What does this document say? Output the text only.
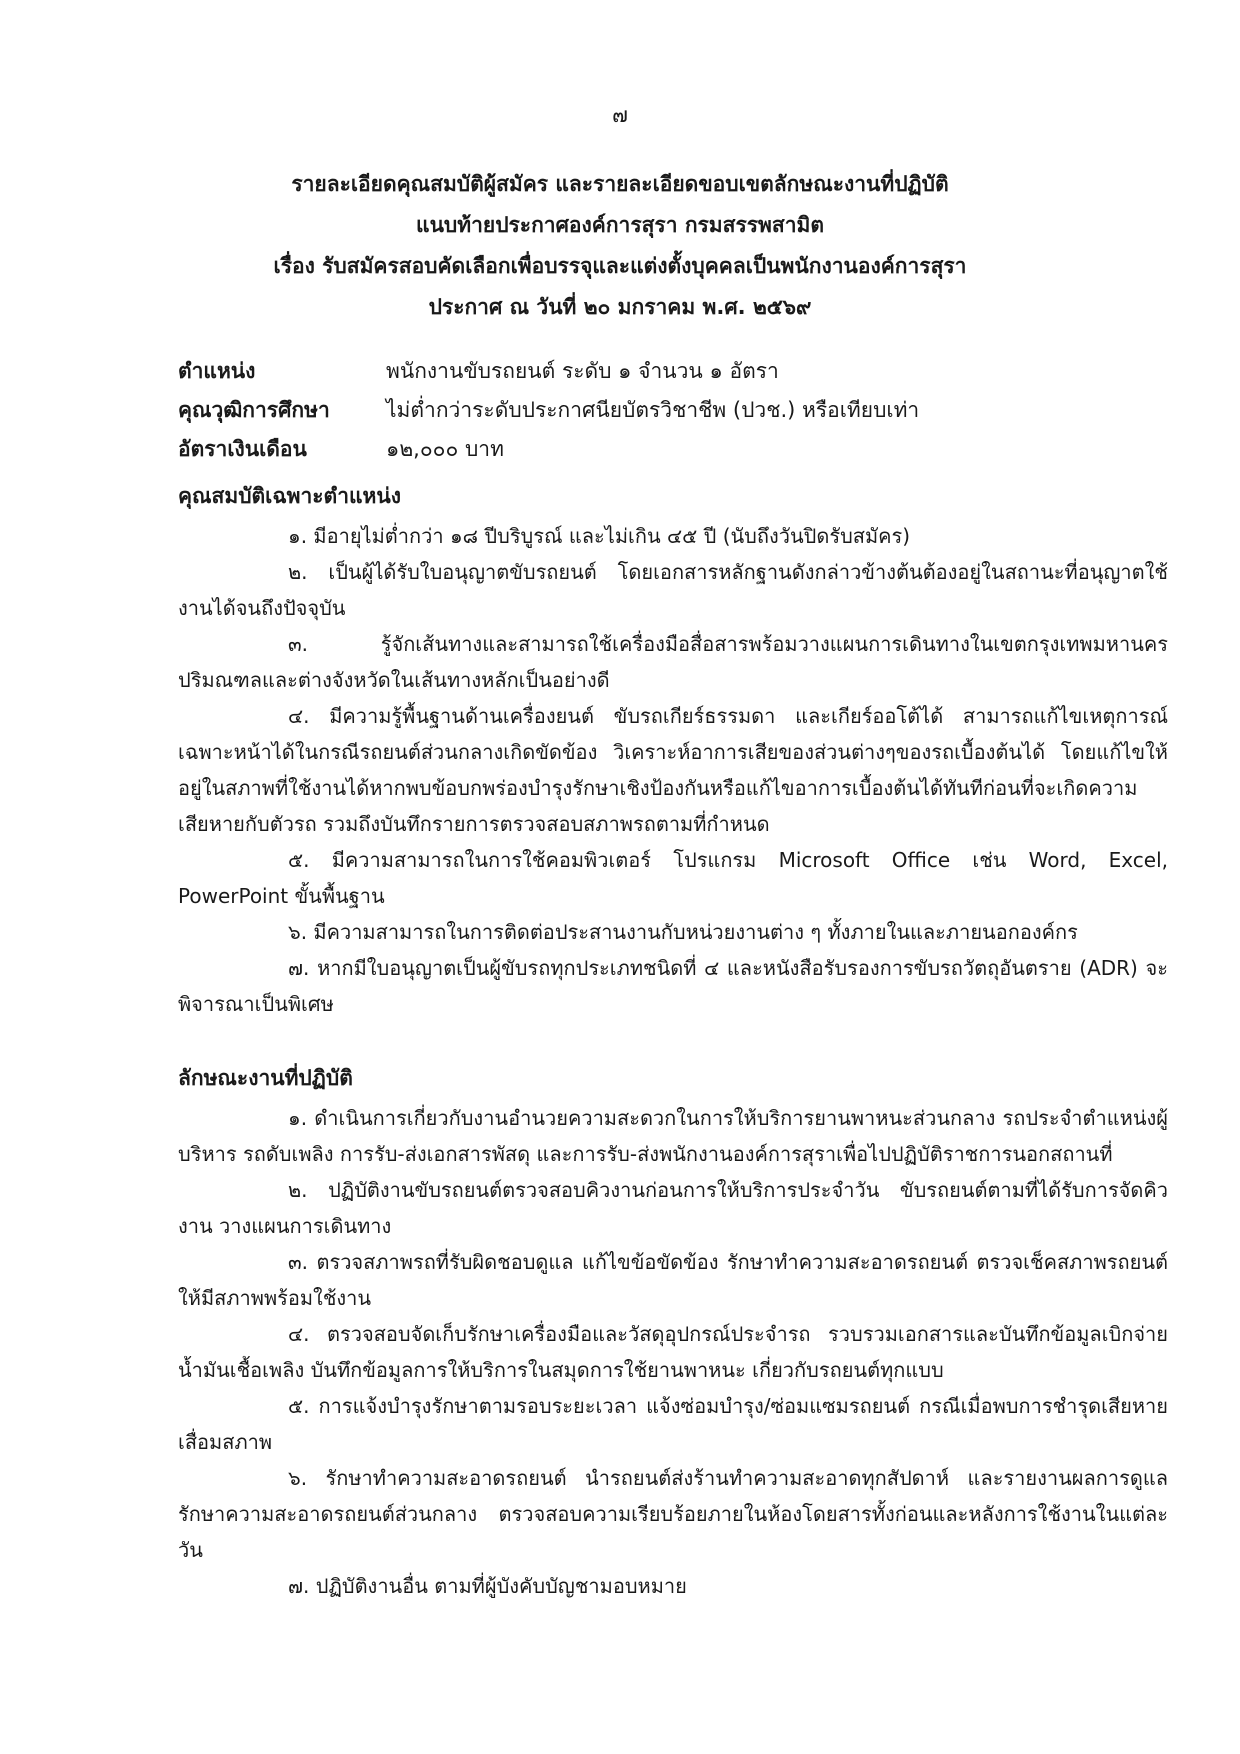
๗
รายละเอียดคุณสมบัติผู้สมัคร และรายละเอียดขอบเขตลักษณะงานที่ปฏิบัติ
แนบท้ายประกาศองค์การสุรา กรมสรรพสามิต
เรื่อง รับสมัครสอบคัดเลือกเพื่อบรรจุและแต่งตั้งบุคคลเป็นพนักงานองค์การสุรา
ประกาศ ณ วันที่ ๒๐ มกราคม พ.ศ. ๒๕๖๙
ตำแหน่ง	พนักงานขับรถยนต์ ระดับ ๑ จำนวน ๑ อัตรา
คุณวุฒิการศึกษา	ไม่ต่ำกว่าระดับประกาศนียบัตรวิชาชีพ (ปวช.) หรือเทียบเท่า
อัตราเงินเดือน	๑๒,๐๐๐ บาท
คุณสมบัติเฉพาะตำแหน่ง

๑. มีอายุไม่ต่ำกว่า ๑๘ ปีบริบูรณ์ และไม่เกิน ๔๕ ปี (นับถึงวันปิดรับสมัคร)

๒. เป็นผู้ได้รับใบอนุญาตขับรถยนต์ โดยเอกสารหลักฐานดังกล่าวข้างต้นต้องอยู่ในสถานะที่อนุญาตใช้งานได้จนถึงปัจจุบัน

๓. รู้จักเส้นทางและสามารถใช้เครื่องมือสื่อสารพร้อมวางแผนการเดินทางในเขตกรุงเทพมหานครปริมณฑลและต่างจังหวัดในเส้นทางหลักเป็นอย่างดี

๔. มีความรู้พื้นฐานด้านเครื่องยนต์ ขับรถเกียร์ธรรมดา และเกียร์ออโต้ได้ สามารถแก้ไขเหตุการณ์เฉพาะหน้าได้ในกรณีรถยนต์ส่วนกลางเกิดขัดข้อง วิเคราะห์อาการเสียของส่วนต่างๆของรถเบื้องต้นได้ โดยแก้ไขให้อยู่ในสภาพที่ใช้งานได้หากพบข้อบกพร่องบำรุงรักษาเชิงป้องกันหรือแก้ไขอาการเบื้องต้นได้ทันทีก่อนที่จะเกิดความเสียหายกับตัวรถ รวมถึงบันทึกรายการตรวจสอบสภาพรถตามที่กำหนด

๕. มีความสามารถในการใช้คอมพิวเตอร์ โปรแกรม Microsoft Office เช่น Word, Excel, PowerPoint ขั้นพื้นฐาน

๖. มีความสามารถในการติดต่อประสานงานกับหน่วยงานต่าง ๆ ทั้งภายในและภายนอกองค์กร

๗. หากมีใบอนุญาตเป็นผู้ขับรถทุกประเภทชนิดที่ ๔ และหนังสือรับรองการขับรถวัตถุอันตราย (ADR) จะพิจารณาเป็นพิเศษ

ลักษณะงานที่ปฏิบัติ

๑. ดำเนินการเกี่ยวกับงานอำนวยความสะดวกในการให้บริการยานพาหนะส่วนกลาง รถประจำตำแหน่งผู้บริหาร รถดับเพลิง การรับ-ส่งเอกสารพัสดุ และการรับ-ส่งพนักงานองค์การสุราเพื่อไปปฏิบัติราชการนอกสถานที่

๒. ปฏิบัติงานขับรถยนต์ตรวจสอบคิวงานก่อนการให้บริการประจำวัน ขับรถยนต์ตามที่ได้รับการจัดคิวงาน วางแผนการเดินทาง

๓. ตรวจสภาพรถที่รับผิดชอบดูแล แก้ไขข้อขัดข้อง รักษาทำความสะอาดรถยนต์ ตรวจเช็คสภาพรถยนต์ให้มีสภาพพร้อมใช้งาน

๔. ตรวจสอบจัดเก็บรักษาเครื่องมือและวัสดุอุปกรณ์ประจำรถ รวบรวมเอกสารและบันทึกข้อมูลเบิกจ่ายน้ำมันเชื้อเพลิง บันทึกข้อมูลการให้บริการในสมุดการใช้ยานพาหนะ เกี่ยวกับรถยนต์ทุกแบบ

๕. การแจ้งบำรุงรักษาตามรอบระยะเวลา แจ้งซ่อมบำรุง/ซ่อมแซมรถยนต์ กรณีเมื่อพบการชำรุดเสียหาย เสื่อมสภาพ

๖. รักษาทำความสะอาดรถยนต์ นำรถยนต์ส่งร้านทำความสะอาดทุกสัปดาห์ และรายงานผลการดูแลรักษาความสะอาดรถยนต์ส่วนกลาง ตรวจสอบความเรียบร้อยภายในห้องโดยสารทั้งก่อนและหลังการใช้งานในแต่ละวัน

๗. ปฏิบัติงานอื่น ตามที่ผู้บังคับบัญชามอบหมาย
